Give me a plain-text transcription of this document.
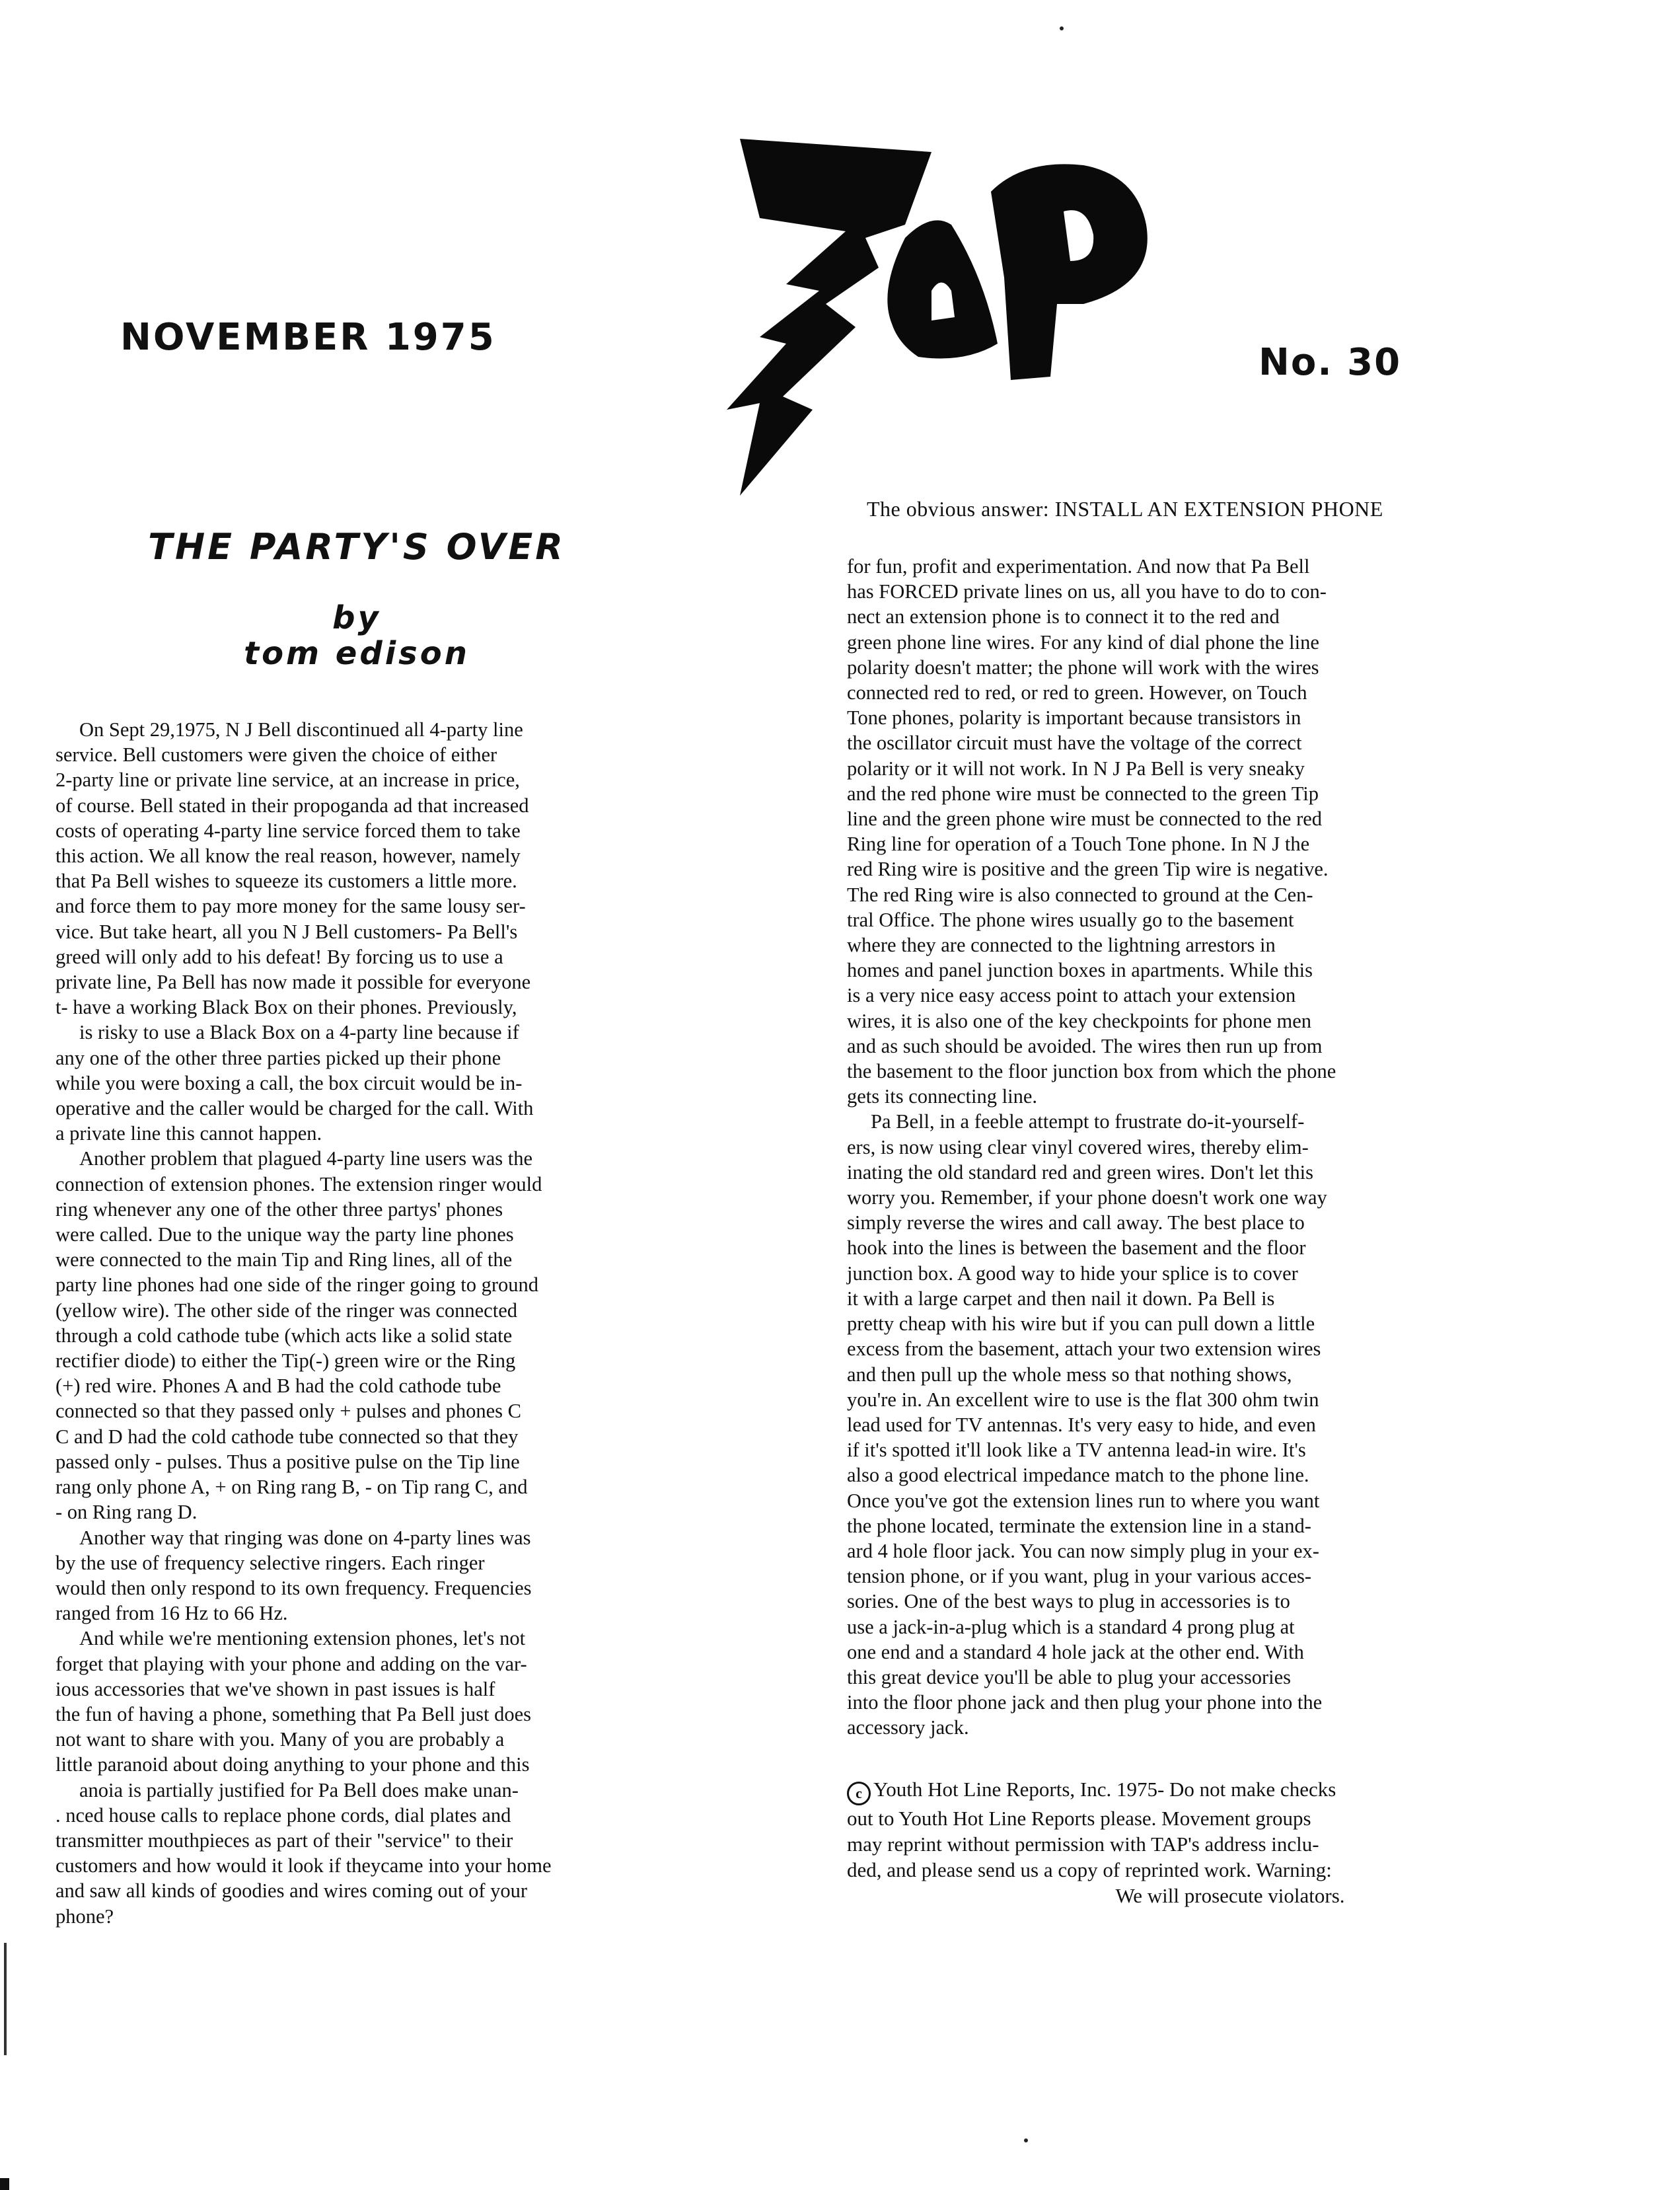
NOVEMBER 1975
No. 30
THE PARTY'S OVER
by
tom edison
On Sept 29,1975, N J Bell discontinued all 4-party line
service. Bell customers were given the choice of either
2-party line or private line service, at an increase in price,
of course. Bell stated in their propoganda ad that increased
costs of operating 4-party line service forced them to take
this action. We all know the real reason, however, namely
that Pa Bell wishes to squeeze its customers a little more.
and force them to pay more money for the same lousy ser-
vice. But take heart, all you N J Bell customers- Pa Bell's
greed will only add to his defeat! By forcing us to use a
private line, Pa Bell has now made it possible for everyone
t- have a working Black Box on their phones. Previously,
is risky to use a Black Box on a 4-party line because if
any one of the other three parties picked up their phone
while you were boxing a call, the box circuit would be in-
operative and the caller would be charged for the call. With
a private line this cannot happen.
Another problem that plagued 4-party line users was the
connection of extension phones. The extension ringer would
ring whenever any one of the other three partys' phones
were called. Due to the unique way the party line phones
were connected to the main Tip and Ring lines, all of the
party line phones had one side of the ringer going to ground
(yellow wire). The other side of the ringer was connected
through a cold cathode tube (which acts like a solid state
rectifier diode) to either the Tip(-) green wire or the Ring
(+) red wire. Phones A and B had the cold cathode tube
connected so that they passed only + pulses and phones C
C and D had the cold cathode tube connected so that they
passed only - pulses. Thus a positive pulse on the Tip line
rang only phone A, + on Ring rang B, - on Tip rang C, and
- on Ring rang D.
Another way that ringing was done on 4-party lines was
by the use of frequency selective ringers. Each ringer
would then only respond to its own frequency. Frequencies
ranged from 16 Hz to 66 Hz.
And while we're mentioning extension phones, let's not
forget that playing with your phone and adding on the var-
ious accessories that we've shown in past issues is half
the fun of having a phone, something that Pa Bell just does
not want to share with you. Many of you are probably a
little paranoid about doing anything to your phone and this
anoia is partially justified for Pa Bell does make unan-
. nced house calls to replace phone cords, dial plates and
transmitter mouthpieces as part of their "service" to their
customers and how would it look if theycame into your home
and saw all kinds of goodies and wires coming out of your
phone?
The obvious answer: INSTALL AN EXTENSION PHONE
for fun, profit and experimentation. And now that Pa Bell
has FORCED private lines on us, all you have to do to con-
nect an extension phone is to connect it to the red and
green phone line wires. For any kind of dial phone the line
polarity doesn't matter; the phone will work with the wires
connected red to red, or red to green. However, on Touch
Tone phones, polarity is important because transistors in
the oscillator circuit must have the voltage of the correct
polarity or it will not work. In N J Pa Bell is very sneaky
and the red phone wire must be connected to the green Tip
line and the green phone wire must be connected to the red
Ring line for operation of a Touch Tone phone. In N J the
red Ring wire is positive and the green Tip wire is negative.
The red Ring wire is also connected to ground at the Cen-
tral Office. The phone wires usually go to the basement
where they are connected to the lightning arrestors in
homes and panel junction boxes in apartments. While this
is a very nice easy access point to attach your extension
wires, it is also one of the key checkpoints for phone men
and as such should be avoided. The wires then run up from
the basement to the floor junction box from which the phone
gets its connecting line.
Pa Bell, in a feeble attempt to frustrate do-it-yourself-
ers, is now using clear vinyl covered wires, thereby elim-
inating the old standard red and green wires. Don't let this
worry you. Remember, if your phone doesn't work one way
simply reverse the wires and call away. The best place to
hook into the lines is between the basement and the floor
junction box. A good way to hide your splice is to cover
it with a large carpet and then nail it down. Pa Bell is
pretty cheap with his wire but if you can pull down a little
excess from the basement, attach your two extension wires
and then pull up the whole mess so that nothing shows,
you're in. An excellent wire to use is the flat 300 ohm twin
lead used for TV antennas. It's very easy to hide, and even
if it's spotted it'll look like a TV antenna lead-in wire. It's
also a good electrical impedance match to the phone line.
Once you've got the extension lines run to where you want
the phone located, terminate the extension line in a stand-
ard 4 hole floor jack. You can now simply plug in your ex-
tension phone, or if you want, plug in your various acces-
sories. One of the best ways to plug in accessories is to
use a jack-in-a-plug which is a standard 4 prong plug at
one end and a standard 4 hole jack at the other end. With
this great device you'll be able to plug your accessories
into the floor phone jack and then plug your phone into the
accessory jack.
c Youth Hot Line Reports, Inc. 1975- Do not make checks
out to Youth Hot Line Reports please. Movement groups
may reprint without permission with TAP's address inclu-
ded, and please send us a copy of reprinted work. Warning:
We will prosecute violators.
